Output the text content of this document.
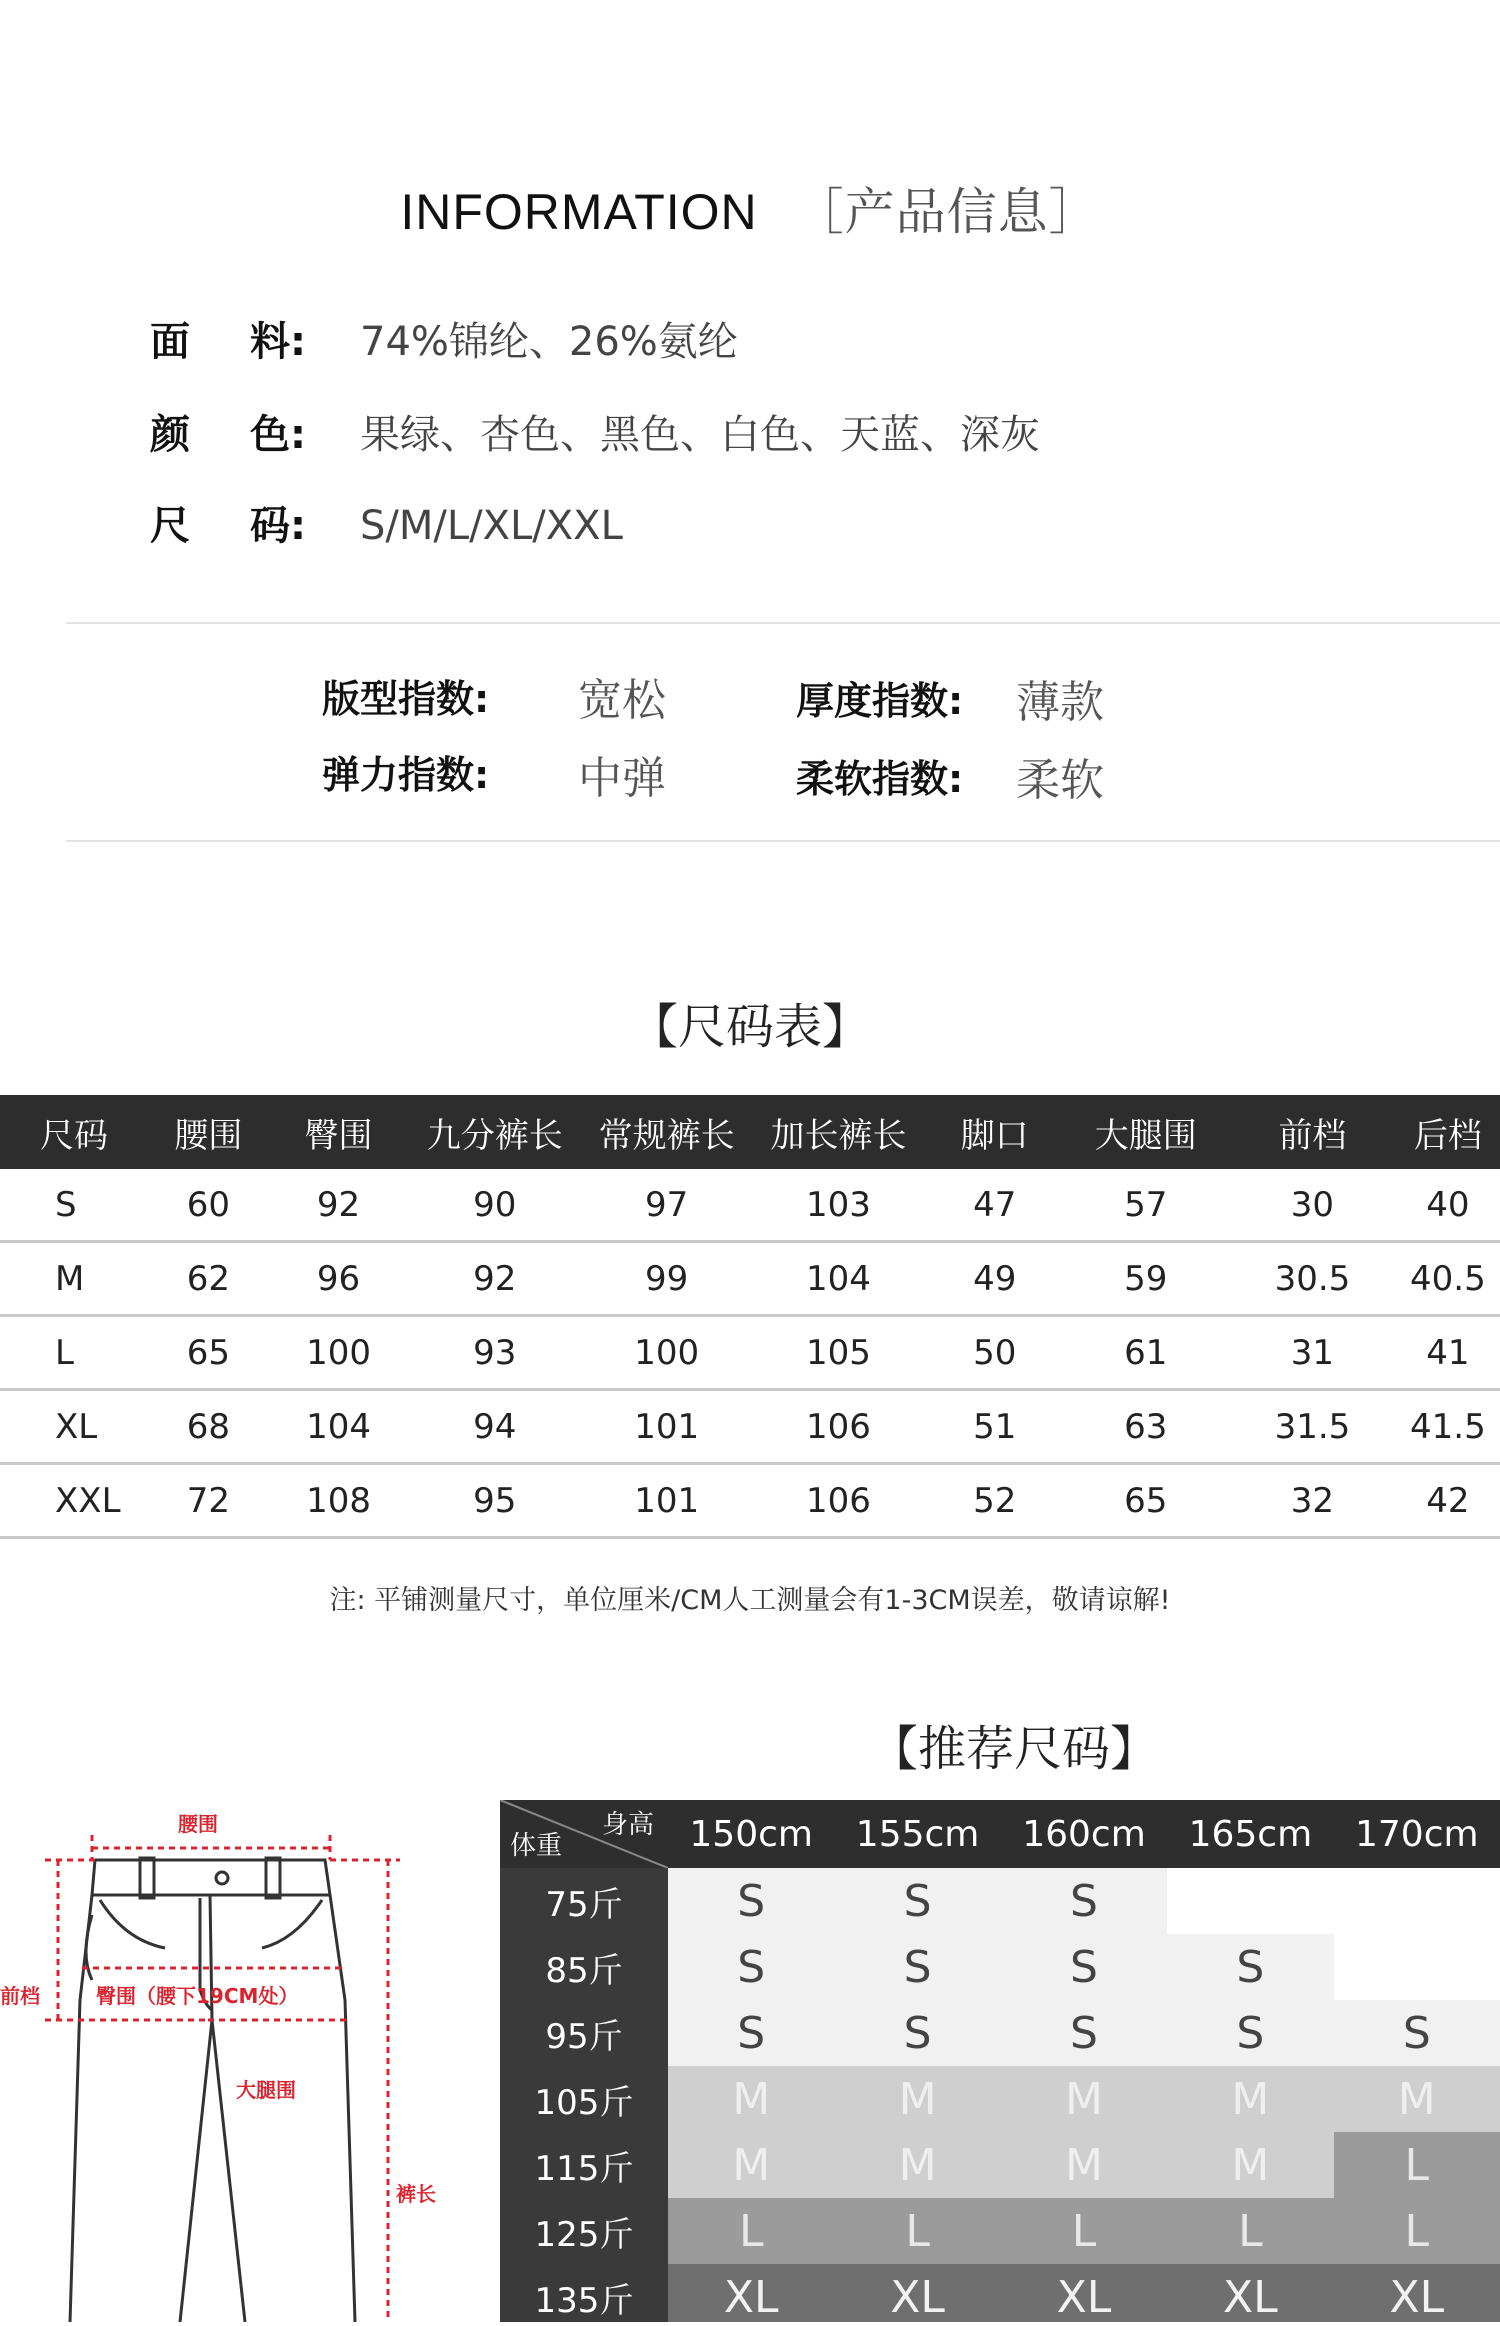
INFORMATION ［产品信息］
面	料:	74%锦纶、26%氨纶
颜	色:	果绿、杏色、黑色、白色、天蓝、深灰
尺	码:	S/M/L/XL/XXL
版型指数: 宽松	厚度指数: 薄款
弹力指数: 中弹	柔软指数: 柔软
【尺码表】
尺码	腰围	臀围	九分裤长	常规裤长	加长裤长	脚口	大腿围	前档	后档
S	60	92	90	97	103	47	57	30	40
M	62	96	92	99	104	49	59	30.5	40.5
L	65	100	93	100	105	50	61	31	41
XL	68	104	94	101	106	51	63	31.5	41.5
XXL	72	108	95	101	106	52	65	32	42
注: 平铺测量尺寸，单位厘米/CM人工测量会有1-3CM误差，敬请谅解!
腰围
前档	臀围（腰下19CM处）
大腿围
裤长
【推荐尺码】
身高
体重	150cm	155cm	160cm	165cm	170cm
75斤	S	S	S		
85斤	S	S	S	S	
95斤	S	S	S	S	S
105斤	M	M	M	M	M
115斤	M	M	M	M	L
125斤	L	L	L	L	L
135斤	XL	XL	XL	XL	XL
